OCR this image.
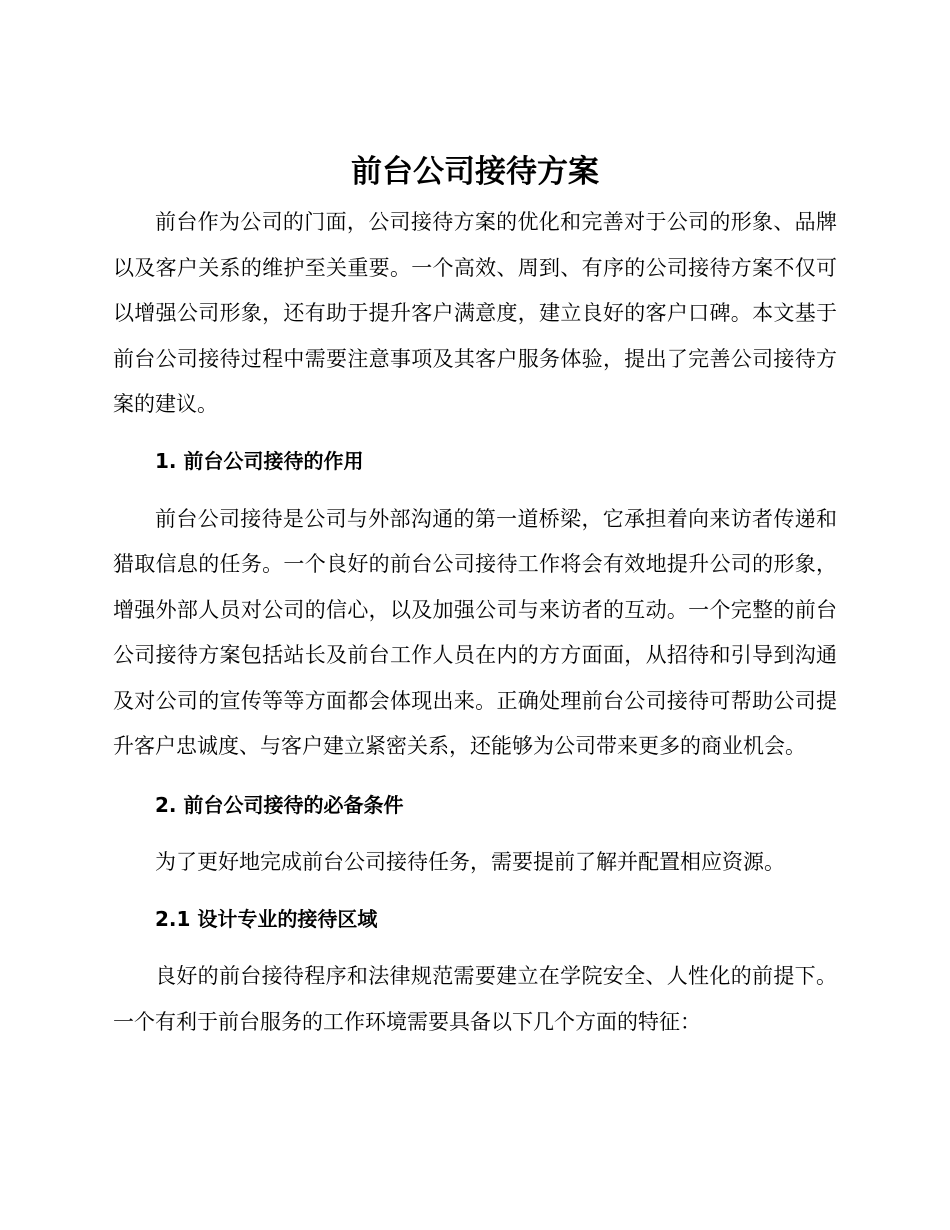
前台公司接待方案

前台作为公司的门面，公司接待方案的优化和完善对于公司的形象、品牌以及客户关系的维护至关重要。一个高效、周到、有序的公司接待方案不仅可以增强公司形象，还有助于提升客户满意度，建立良好的客户口碑。本文基于前台公司接待过程中需要注意事项及其客户服务体验，提出了完善公司接待方案的建议。

1. 前台公司接待的作用

前台公司接待是公司与外部沟通的第一道桥梁，它承担着向来访者传递和猎取信息的任务。一个良好的前台公司接待工作将会有效地提升公司的形象，增强外部人员对公司的信心，以及加强公司与来访者的互动。一个完整的前台公司接待方案包括站长及前台工作人员在内的方方面面，从招待和引导到沟通及对公司的宣传等等方面都会体现出来。正确处理前台公司接待可帮助公司提升客户忠诚度、与客户建立紧密关系，还能够为公司带来更多的商业机会。

2. 前台公司接待的必备条件

为了更好地完成前台公司接待任务，需要提前了解并配置相应资源。

2.1 设计专业的接待区域

良好的前台接待程序和法律规范需要建立在学院安全、人性化的前提下。一个有利于前台服务的工作环境需要具备以下几个方面的特征：
